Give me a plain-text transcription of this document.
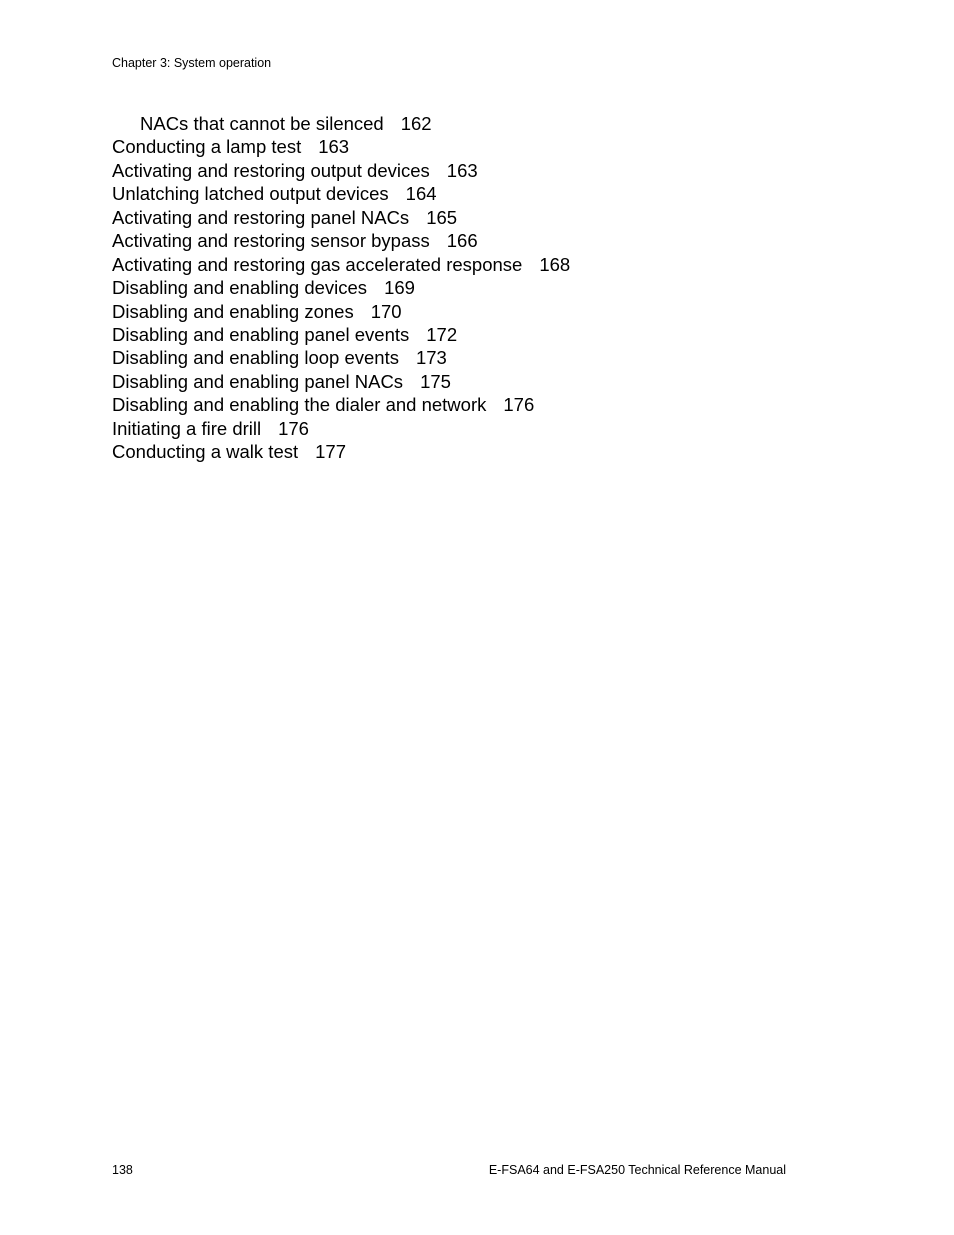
Chapter 3: System operation
NACs that cannot be silenced 162
Conducting a lamp test 163
Activating and restoring output devices 163
Unlatching latched output devices 164
Activating and restoring panel NACs 165
Activating and restoring sensor bypass 166
Activating and restoring gas accelerated response 168
Disabling and enabling devices 169
Disabling and enabling zones 170
Disabling and enabling panel events 172
Disabling and enabling loop events 173
Disabling and enabling panel NACs 175
Disabling and enabling the dialer and network 176
Initiating a fire drill 176
Conducting a walk test 177
138	E-FSA64 and E-FSA250 Technical Reference Manual
